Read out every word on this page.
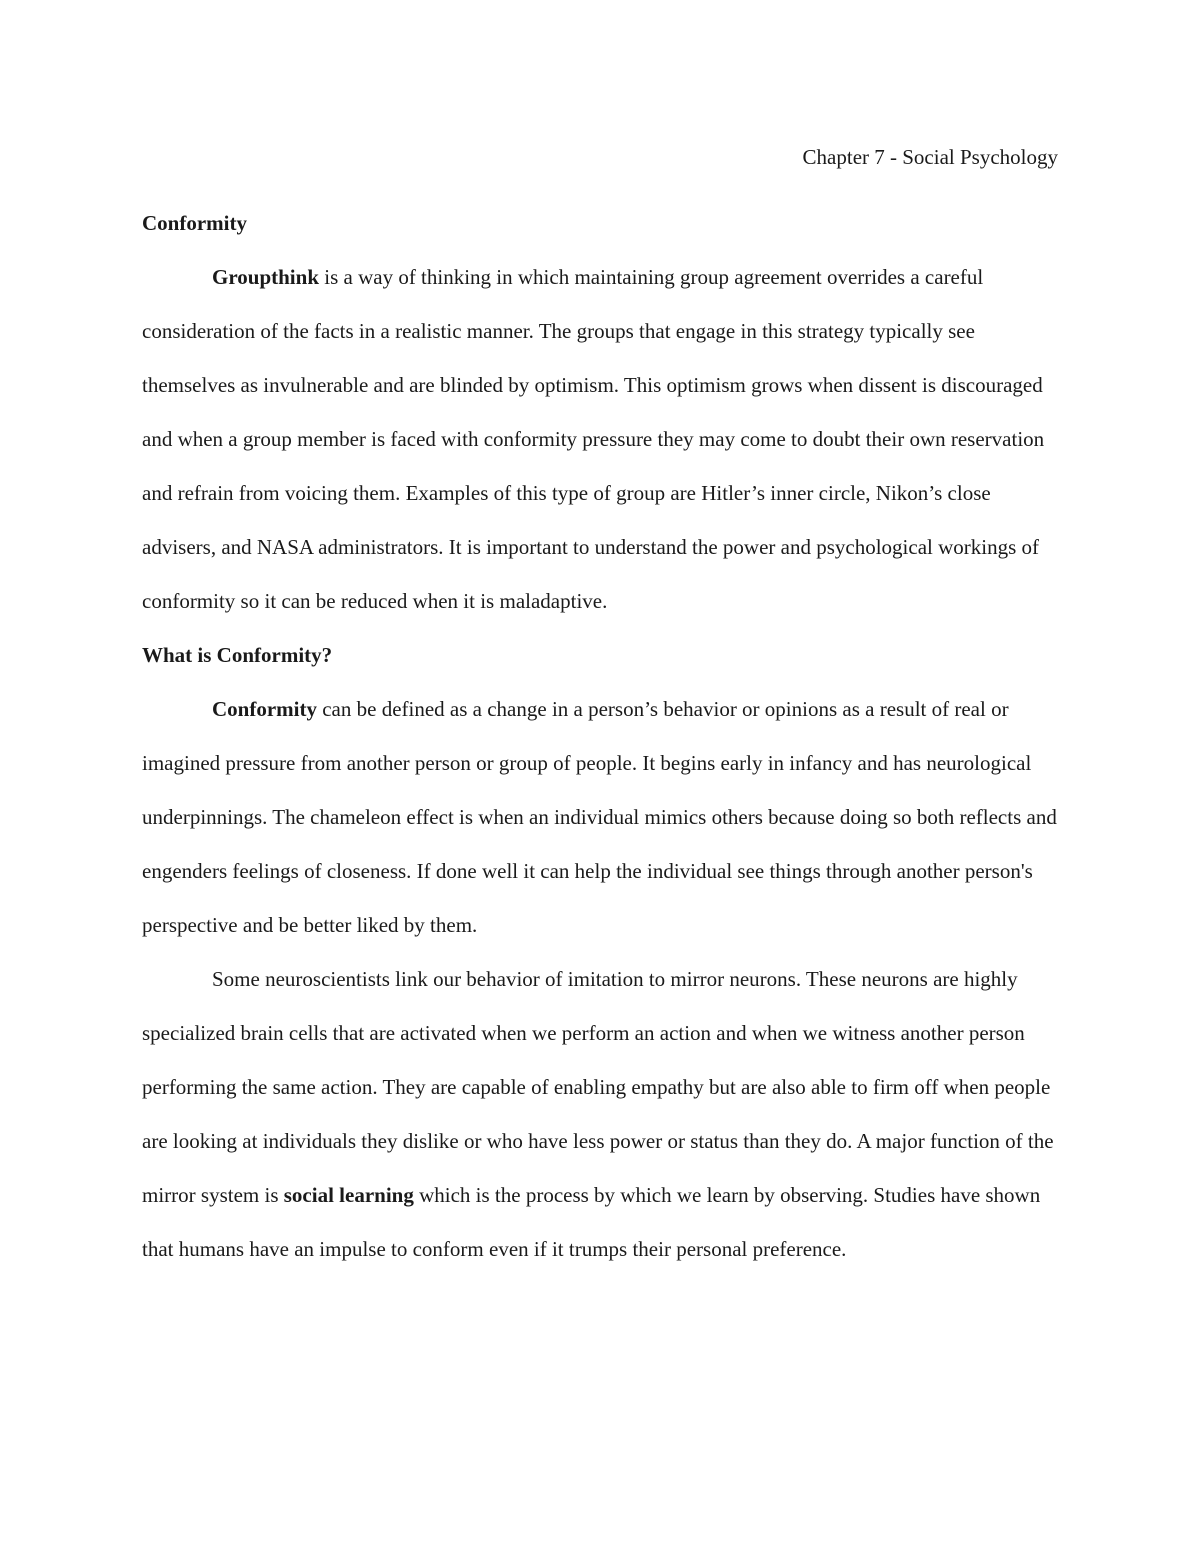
Chapter 7 - Social Psychology

Conformity

Groupthink is a way of thinking in which maintaining group agreement overrides a careful consideration of the facts in a realistic manner. The groups that engage in this strategy typically see themselves as invulnerable and are blinded by optimism. This optimism grows when dissent is discouraged and when a group member is faced with conformity pressure they may come to doubt their own reservation and refrain from voicing them. Examples of this type of group are Hitler’s inner circle, Nikon’s close advisers, and NASA administrators. It is important to understand the power and psychological workings of conformity so it can be reduced when it is maladaptive.

What is Conformity?

Conformity can be defined as a change in a person’s behavior or opinions as a result of real or imagined pressure from another person or group of people. It begins early in infancy and has neurological underpinnings. The chameleon effect is when an individual mimics others because doing so both reflects and engenders feelings of closeness. If done well it can help the individual see things through another person's perspective and be better liked by them.

Some neuroscientists link our behavior of imitation to mirror neurons. These neurons are highly specialized brain cells that are activated when we perform an action and when we witness another person performing the same action. They are capable of enabling empathy but are also able to firm off when people are looking at individuals they dislike or who have less power or status than they do. A major function of the mirror system is social learning which is the process by which we learn by observing. Studies have shown that humans have an impulse to conform even if it trumps their personal preference.
